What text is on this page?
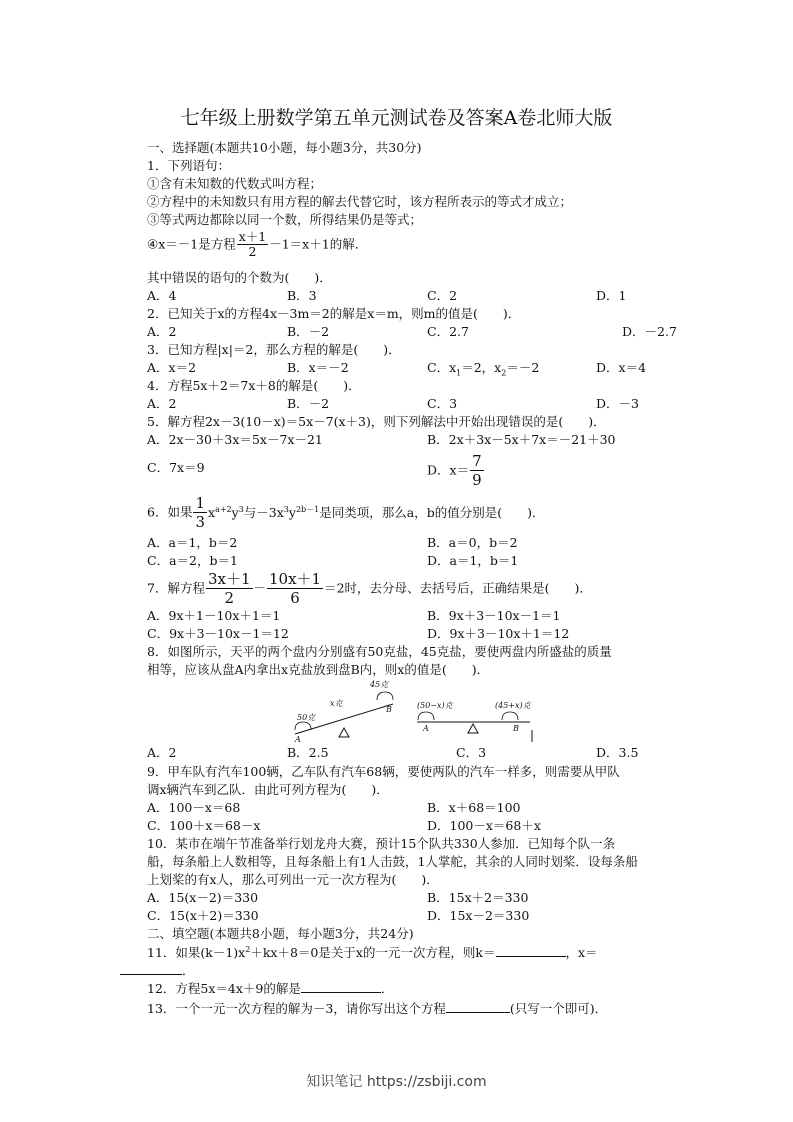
七年级上册数学第五单元测试卷及答案A卷北师大版
一、选择题(本题共10小题，每小题3分，共30分)
1．下列语句：
①含有未知数的代数式叫方程；
②方程中的未知数只有用方程的解去代替它时，该方程所表示的等式才成立；
③等式两边都除以同一个数，所得结果仍是等式；
④x＝－1是方程 $\frac{x+1}{2} -1=x+1$的解．
其中错误的语句的个数为(　　)．
A．4	B．3	C．2	D．1
2．已知关于x的方程4x－3m＝2的解是x＝m，则m的值是(　　)．
A．2	B．－2	C．2.7	D．－2.7
3．已知方程|x|＝2，那么方程的解是(　　)．
A．x＝2	B．x＝－2	C．$x_1=2$，$x_2=-2$	D．x＝4
4．方程5x＋2＝7x＋8的解是(　　)．
A．2	B．－2	C．3	D．－3
5．解方程2x－3(10－x)＝5x－7(x＋3)，则下列解法中开始出现错误的是(　　)．
A．2x－30＋3x＝5x－7x－21	B．2x＋3x－5x＋7x＝－21＋30
C．7x＝9	D．$x= \frac{7}{9}$
6．如果 $\frac{1}{3} x^{a+2}y^3$与$-3x^3y^{2b-1}$是同类项，那么a，b的值分别是(　　)．
A．a＝1，b＝2	B．a＝0，b＝2
C．a＝2，b＝1	D．a＝1，b＝1
7．解方程 $\frac{3x+1}{2} - \frac{10x+1}{6} =2$时，去分母、去括号后，正确结果是(　　)．
A．9x＋1－10x＋1＝1	B．9x＋3－10x－1＝1
C．9x＋3－10x－1＝12	D．9x＋3－10x＋1＝12
8．如图所示，天平的两个盘内分别盛有50克盐，45克盐，要使两盘内所盛盐的质量
相等，应该从盘A内拿出x克盐放到盘B内，则x的值是(　　)．
50克
A
x克
45克
B	(50−x)克	(45+x)克
A	B
A．2	B．2.5	C．3	D．3.5
9．甲车队有汽车100辆，乙车队有汽车68辆，要使两队的汽车一样多，则需要从甲队
调x辆汽车到乙队．由此可列方程为(　　)．
A．100－x＝68	B．x＋68＝100
C．100＋x＝68－x	D．100－x＝68＋x
10．某市在端午节准备举行划龙舟大赛，预计15个队共330人参加．已知每个队一条
船，每条船上人数相等，且每条船上有1人击鼓，1人掌舵，其余的人同时划桨．设每条船
上划桨的有x人，那么可列出一元一次方程为(　　)．
A．15(x－2)＝330	B．15x＋2＝330
C．15(x＋2)＝330	D．15x－2＝330
二、填空题(本题共8小题，每小题3分，共24分)
11．如果$(k-1)x^2+kx+8=0$是关于x的一元一次方程，则k＝	，x＝
．
12．方程5x＝4x＋9的解是	．
13．一个一元一次方程的解为－3，请你写出这个方程	(只写一个即可)．
知识笔记 https://zsbiji.com
